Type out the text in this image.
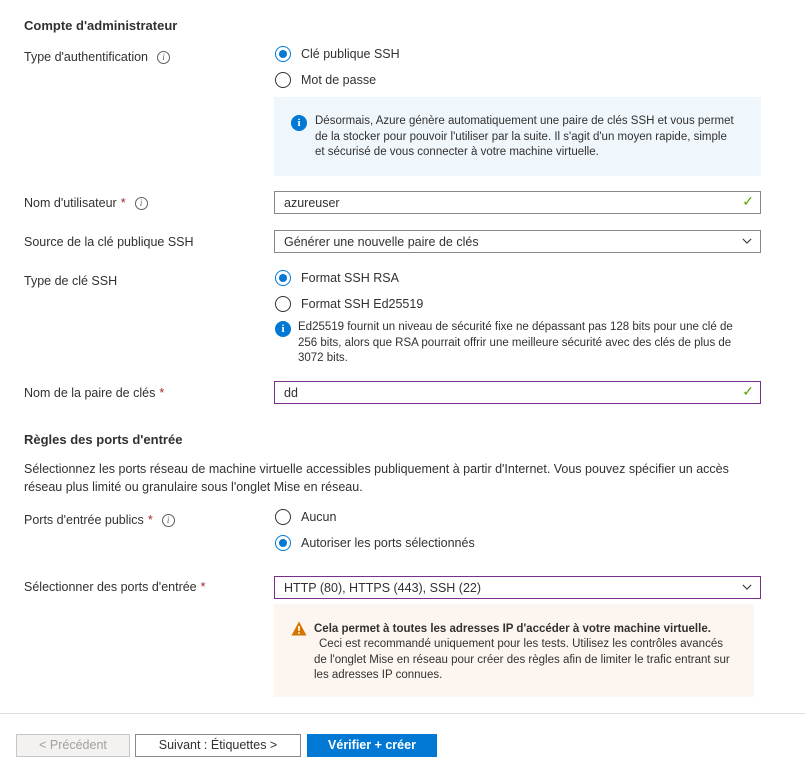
Compte d'administrateur
Type d'authentification i	Clé publique SSH
Mot de passe
i	Désormais, Azure génère automatiquement une paire de clés SSH et vous permet de la stocker pour pouvoir l'utiliser par la suite. Il s'agit d'un moyen rapide, simple et sécurisé de vous connecter à votre machine virtuelle.
Nom d'utilisateur * i	azureuser	✓
Source de la clé publique SSH	Générer une nouvelle paire de clés
Type de clé SSH	Format SSH RSA
Format SSH Ed25519
i	Ed25519 fournit un niveau de sécurité fixe ne dépassant pas 128 bits pour une clé de 256 bits, alors que RSA pourrait offrir une meilleure sécurité avec des clés de plus de 3072 bits.
Nom de la paire de clés *	dd	✓
Règles des ports d'entrée
Sélectionnez les ports réseau de machine virtuelle accessibles publiquement à partir d'Internet. Vous pouvez spécifier un accès réseau plus limité ou granulaire sous l'onglet Mise en réseau.
Ports d'entrée publics * i	Aucun
Autoriser les ports sélectionnés
Sélectionner des ports d'entrée *	HTTP (80), HTTPS (443), SSH (22)
Cela permet à toutes les adresses IP d'accéder à votre machine virtuelle.
Ceci est recommandé uniquement pour les tests. Utilisez les contrôles avancés de l'onglet Mise en réseau pour créer des règles afin de limiter le trafic entrant sur les adresses IP connues.
< Précédent	Suivant : Étiquettes >	Vérifier + créer
